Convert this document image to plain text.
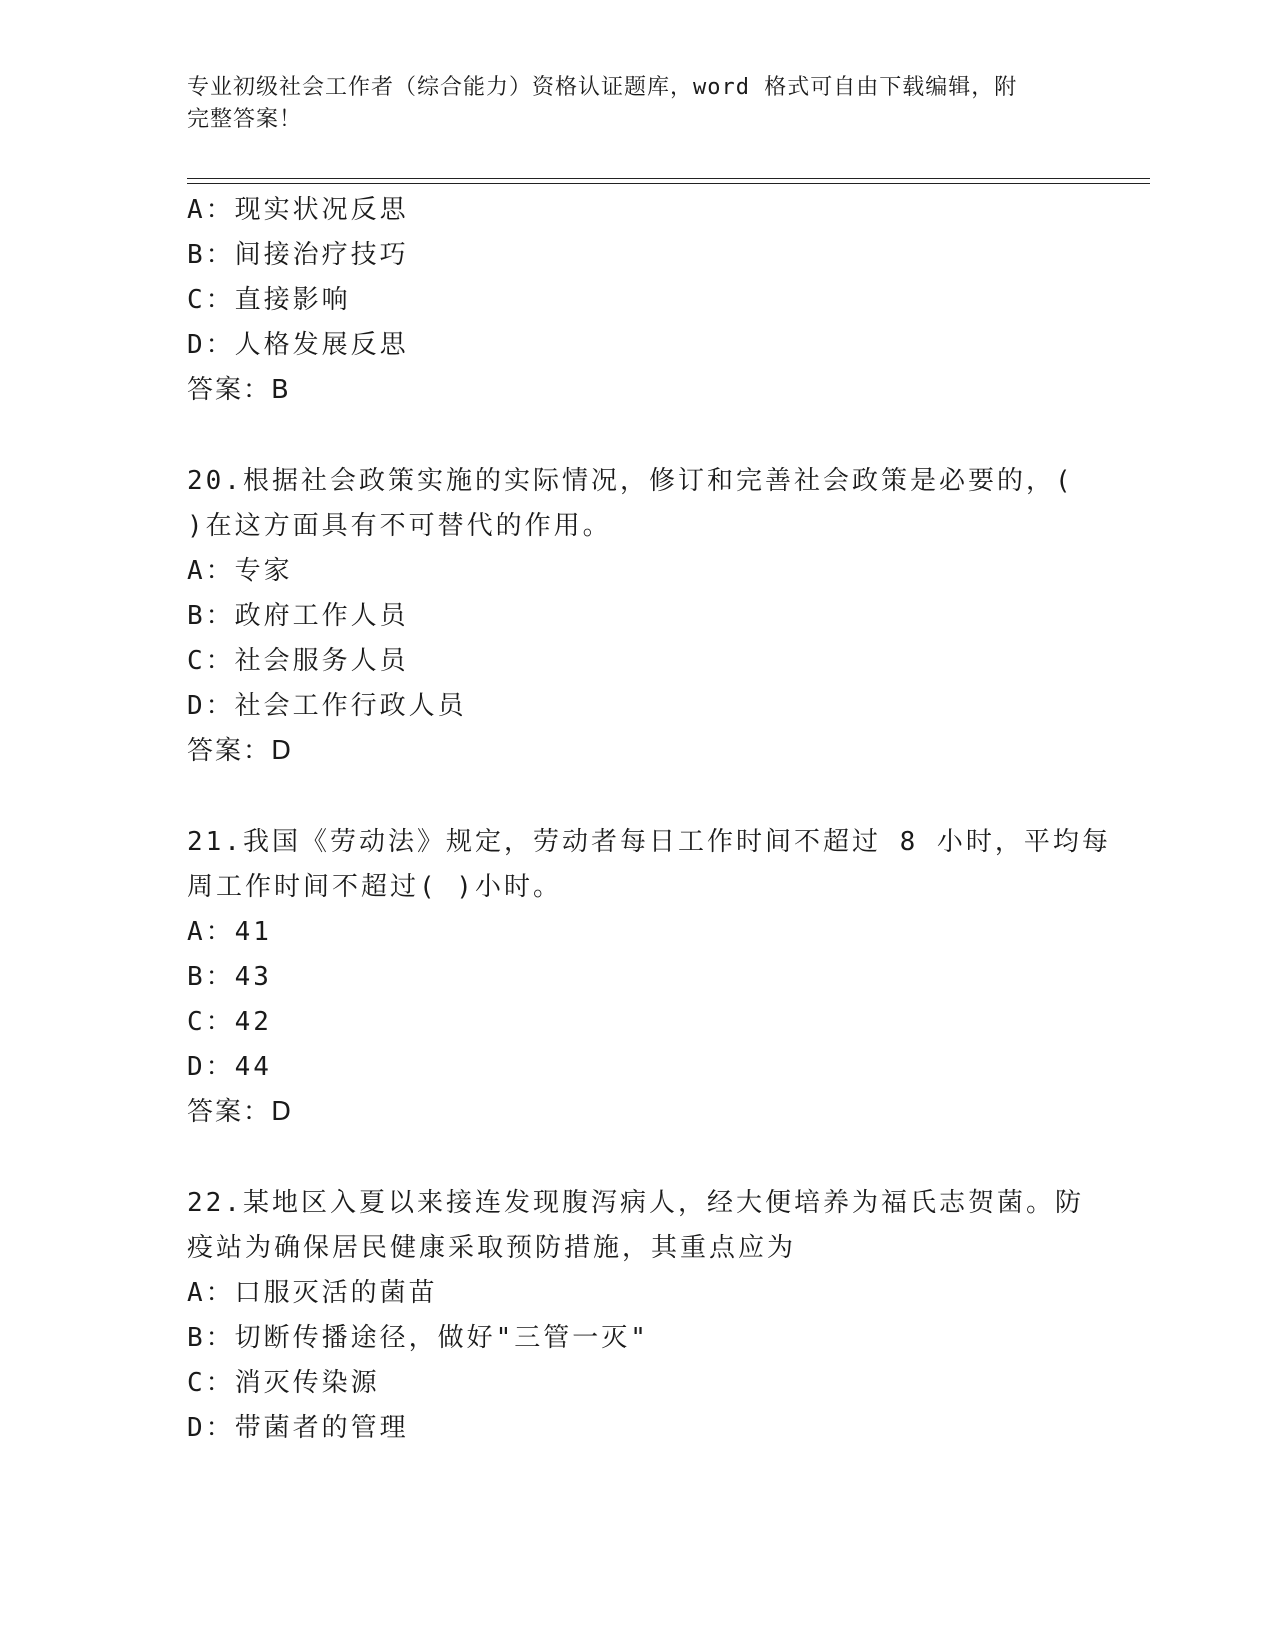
专业初级社会工作者（综合能力）资格认证题库，word 格式可自由下载编辑，附
完整答案！
A：现实状况反思
B：间接治疗技巧
C：直接影响
D：人格发展反思
答案：B
20.根据社会政策实施的实际情况，修订和完善社会政策是必要的，(
)在这方面具有不可替代的作用。
A：专家
B：政府工作人员
C：社会服务人员
D：社会工作行政人员
答案：D
21.我国《劳动法》规定，劳动者每日工作时间不超过 8 小时，平均每
周工作时间不超过( )小时。
A：41
B：43
C：42
D：44
答案：D
22.某地区入夏以来接连发现腹泻病人，经大便培养为福氏志贺菌。防
疫站为确保居民健康采取预防措施，其重点应为
A：口服灭活的菌苗
B：切断传播途径，做好"三管一灭"
C：消灭传染源
D：带菌者的管理
